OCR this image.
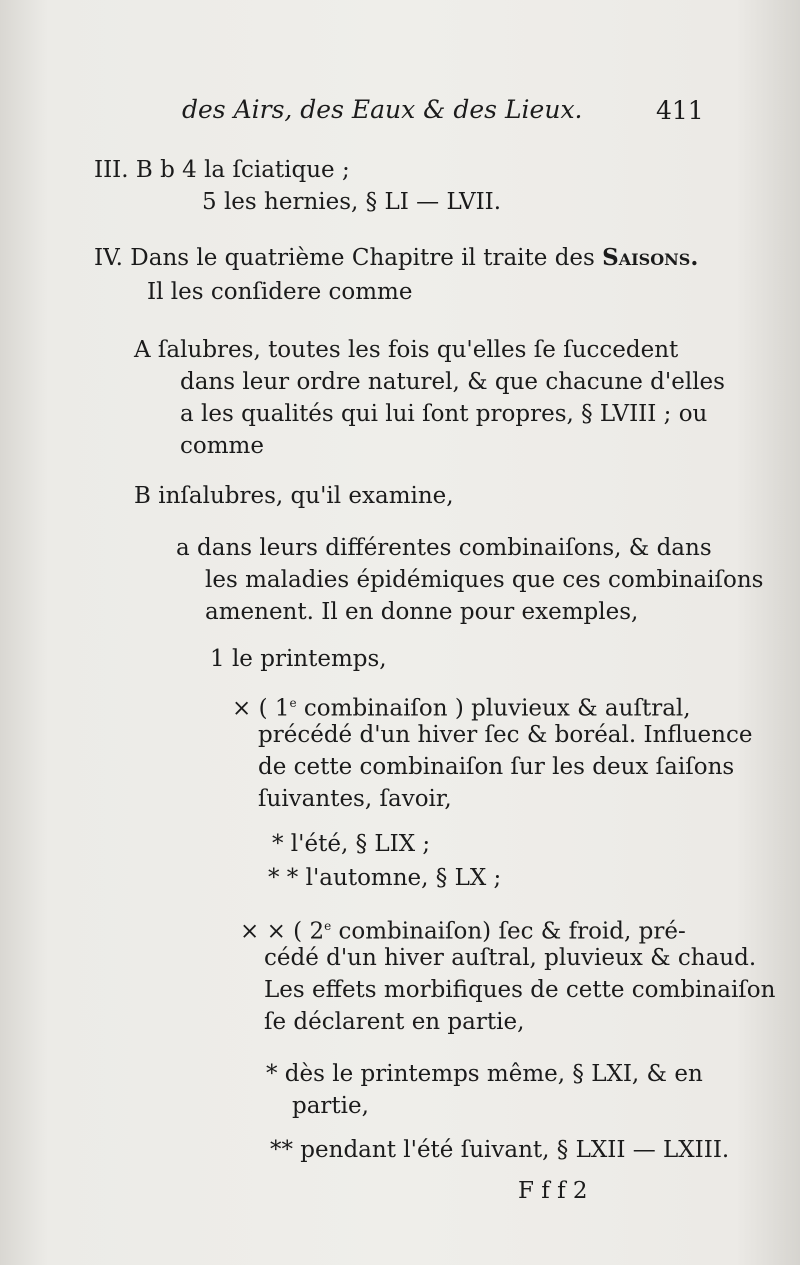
des Airs, des Eaux & des Lieux.	411
III. B b 4 la ſciatique ;
5 les hernies, § LI — LVII.
IV. Dans le quatrième Chapitre il traite des Saisons.
Il les conſidere comme
A ſalubres, toutes les fois qu'elles ſe ſuccedent
dans leur ordre naturel, & que chacune d'elles
a les qualités qui lui ſont propres, § LVIII ; ou
comme
B inſalubres, qu'il examine,
a dans leurs différentes combinaiſons, & dans
les maladies épidémiques que ces combinaiſons
amenent. Il en donne pour exemples,
1 le printemps,
× ( 1e combinaiſon ) pluvieux & auſtral,
précédé d'un hiver ſec & boréal. Influence
de cette combinaiſon ſur les deux ſaiſons
ſuivantes, ſavoir,
* l'été, § LIX ;
* * l'automne, § LX ;
× × ( 2e combinaiſon) ſec & froid, pré-
cédé d'un hiver auſtral, pluvieux & chaud.
Les effets morbifiques de cette combinaiſon
ſe déclarent en partie,
* dès le printemps même, § LXI, & en
partie,
** pendant l'été ſuivant, § LXII — LXIII.
F f f 2
